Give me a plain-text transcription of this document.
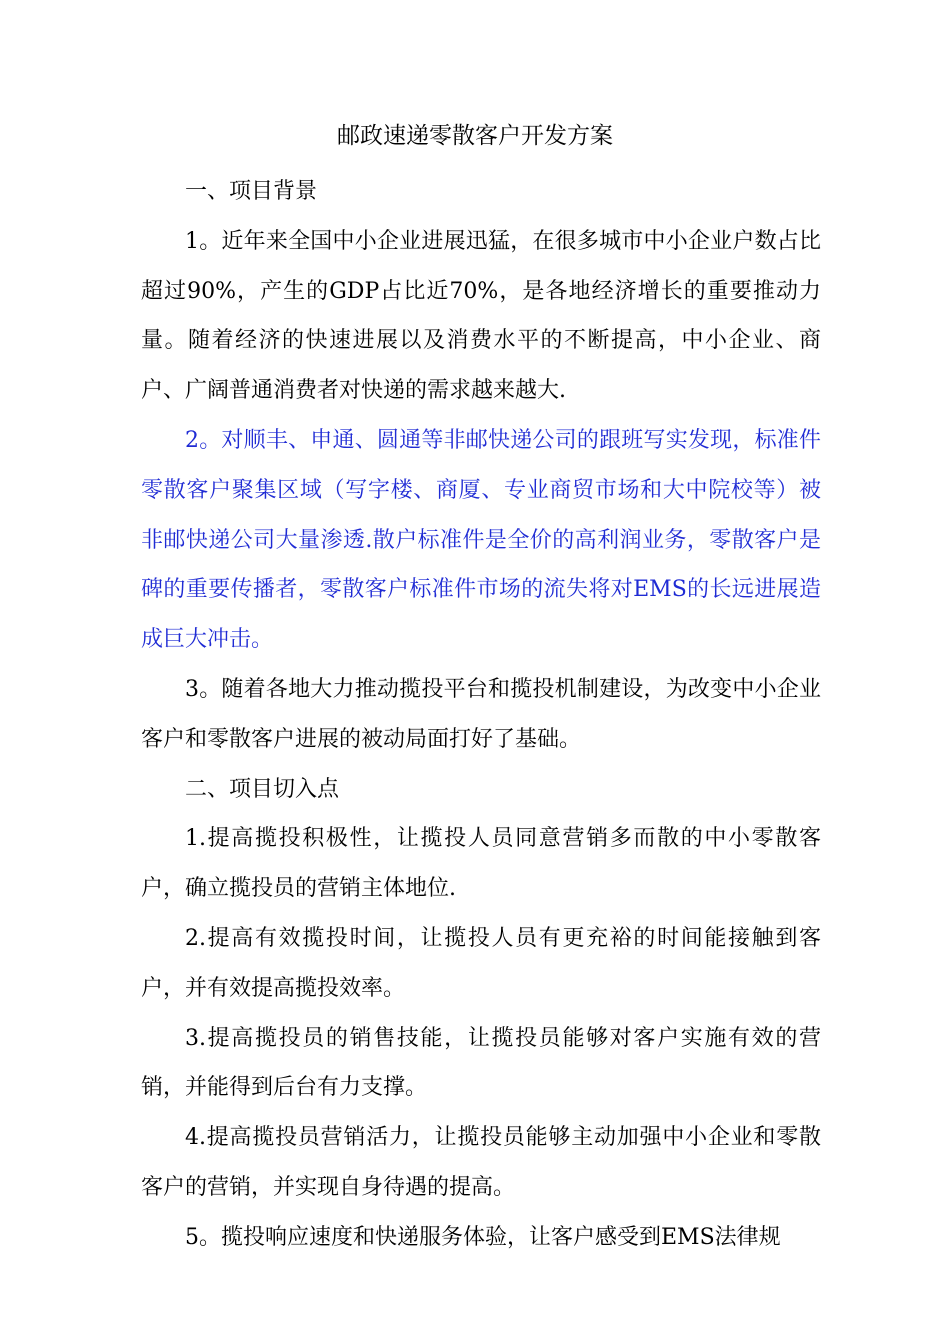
邮政速递零散客户开发方案

一、项目背景

1。近年来全国中小企业进展迅猛，在很多城市中小企业户数占比超过90%，产生的GDP占比近70%，是各地经济增长的重要推动力量。随着经济的快速进展以及消费水平的不断提高，中小企业、商户、广阔普通消费者对快递的需求越来越大.

2。对顺丰、申通、圆通等非邮快递公司的跟班写实发现，标准件零散客户聚集区域（写字楼、商厦、专业商贸市场和大中院校等）被非邮快递公司大量渗透.散户标准件是全价的高利润业务，零散客户是碑的重要传播者，零散客户标准件市场的流失将对EMS的长远进展造成巨大冲击。

3。随着各地大力推动揽投平台和揽投机制建设，为改变中小企业客户和零散客户进展的被动局面打好了基础。

二、项目切入点

1.提高揽投积极性，让揽投人员同意营销多而散的中小零散客户，确立揽投员的营销主体地位.

2.提高有效揽投时间，让揽投人员有更充裕的时间能接触到客户，并有效提高揽投效率。

3.提高揽投员的销售技能，让揽投员能够对客户实施有效的营销，并能得到后台有力支撑。

4.提高揽投员营销活力，让揽投员能够主动加强中小企业和零散客户的营销，并实现自身待遇的提高。

5。揽投响应速度和快递服务体验，让客户感受到EMS法律规
